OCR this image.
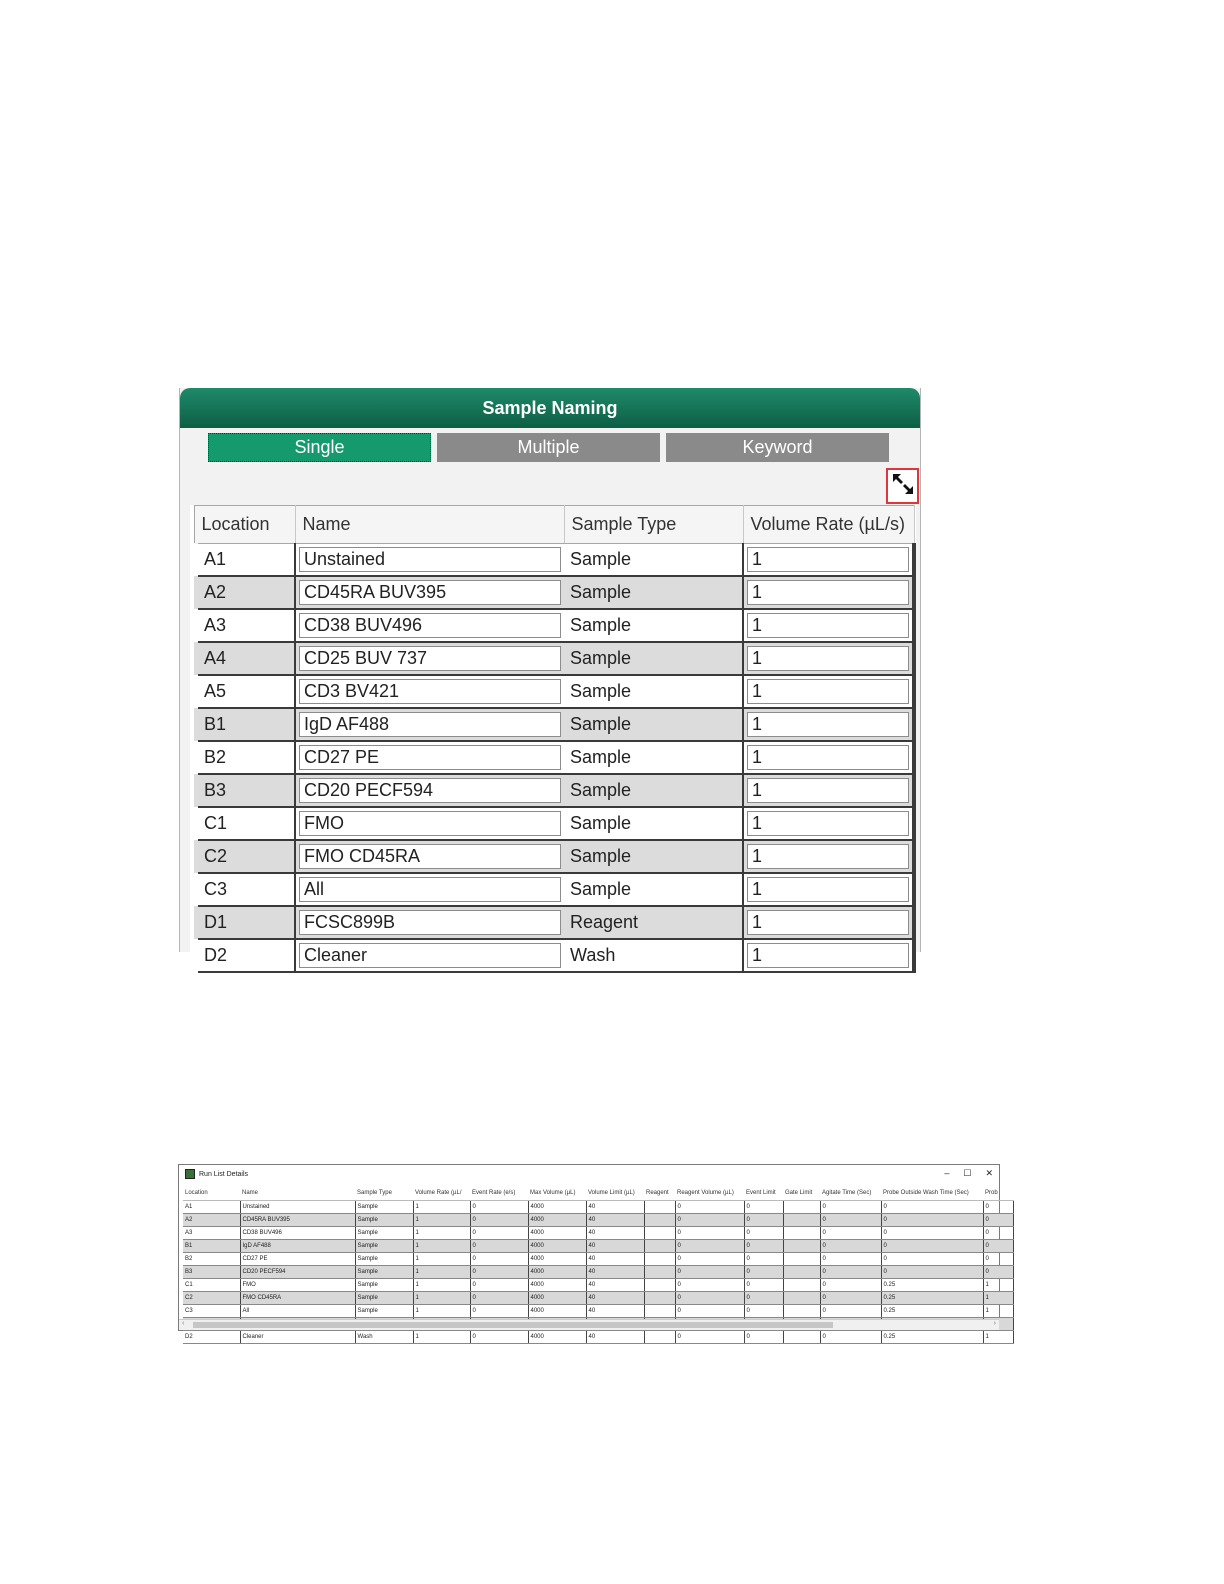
Sample Naming
Single	Multiple	Keyword
Location	Name	Sample Type	Volume Rate (µL/s)
A1	Unstained	Sample	1

A2	CD45RA BUV395	Sample	1

A3	CD38 BUV496	Sample	1

A4	CD25 BUV 737	Sample	1

A5	CD3 BV421	Sample	1

B1	IgD AF488	Sample	1

B2	CD27 PE	Sample	1

B3	CD20 PECF594	Sample	1

C1	FMO	Sample	1

C2	FMO CD45RA	Sample	1

C3	All	Sample	1

D1	FCSC899B	Reagent	1

D2	Cleaner	Wash	1
Run List Details	– ☐ ✕
Location	Name	Sample Type	Volume Rate (µL/	Event Rate (e/s)	Max Volume (µL)	Volume Limit (µL)	Reagent	Reagent Volume (µL)	Event Limit	Gate Limit	Agitate Time (Sec)	Probe Outside Wash Time (Sec)	Prob
A1	Unstained	Sample	1	0	4000	40		0	0		0	0	0
A2	CD45RA BUV395	Sample	1	0	4000	40		0	0		0	0	0
A3	CD38 BUV496	Sample	1	0	4000	40		0	0		0	0	0
B1	IgD AF488	Sample	1	0	4000	40		0	0		0	0	0
B2	CD27 PE	Sample	1	0	4000	40		0	0		0	0	0
B3	CD20 PECF594	Sample	1	0	4000	40		0	0		0	0	0
C1	FMO	Sample	1	0	4000	40		0	0		0	0.25	1
C2	FMO CD45RA	Sample	1	0	4000	40		0	0		0	0.25	1
C3	All	Sample	1	0	4000	40		0	0		0	0.25	1

D2	Cleaner	Wash	1	0	4000	40		0	0		0	0.25	1
‹	›
